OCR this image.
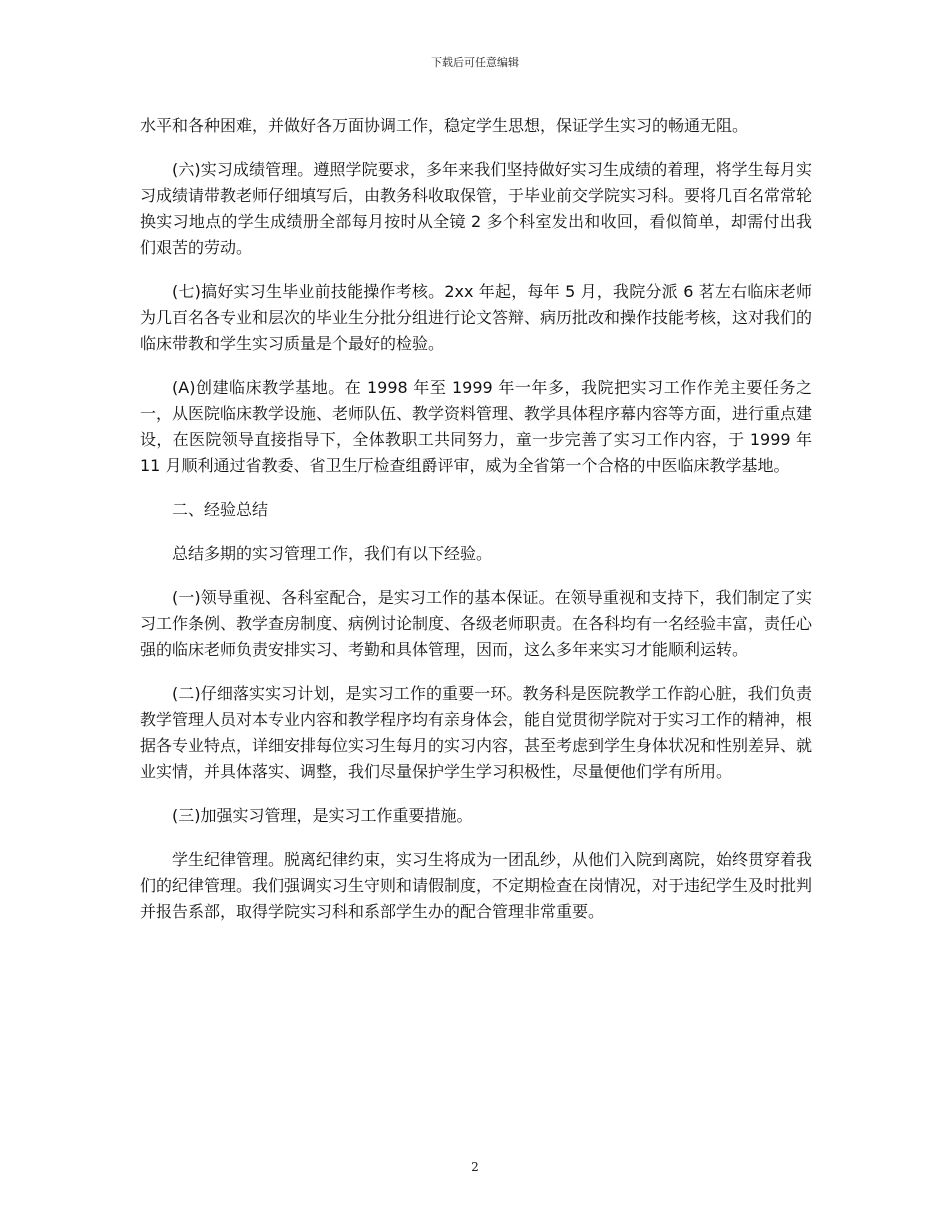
下载后可任意编辑

水平和各种困难，并做好各万面协调工作，稳定学生思想，保证学生实习的畅通无阻。

(六)实习成绩管理。遵照学院要求，多年来我们坚持做好实习生成绩的着理，将学生每月实习成绩请带教老师仔细填写后，由教务科收取保管，于毕业前交学院实习科。要将几百名常常轮换实习地点的学生成绩册全部每月按时从全镜 2 多个科室发出和收回，看似简单，却需付出我们艰苦的劳动。

(七)搞好实习生毕业前技能操作考核。2xx 年起，每年 5 月，我院分派 6 茗左右临床老师为几百名各专业和层次的毕业生分批分组进行论文答辩、病历批改和操作技能考核，这对我们的临床带教和学生实习质量是个最好的检验。

(A)创建临床教学基地。在 1998 年至 1999 年一年多，我院把实习工作作羌主要任务之一，从医院临床教学设施、老师队伍、教学资料管理、教学具体程序幕内容等方面，进行重点建设，在医院领导直接指导下，全体教职工共同努力，童一步完善了实习工作内容，于 1999 年 11 月顺利通过省教委、省卫生厅检查组爵评审，威为全省第一个合格的中医临床教学基地。

二、经验总结

总结多期的实习管理工作，我们有以下经验。

(一)领导重视、各科室配合，是实习工作的基本保证。在领导重视和支持下，我们制定了实习工作条例、教学查房制度、病例讨论制度、各级老师职责。在各科均有一名经验丰富，责任心强的临床老师负责安排实习、考勤和具体管理，因而，这么多年来实习才能顺利运转。

(二)仔细落实实习计划，是实习工作的重要一环。教务科是医院教学工作韵心脏，我们负责教学管理人员对本专业内容和教学程序均有亲身体会，能自觉贯彻学院对于实习工作的精神，根据各专业特点，详细安排每位实习生每月的实习内容，甚至考虑到学生身体状况和性别差异、就业实情，并具体落实、调整，我们尽量保护学生学习积极性，尽量便他们学有所用。

(三)加强实习管理，是实习工作重要措施。

学生纪律管理。脱离纪律约束，实习生将成为一团乱纱，从他们入院到离院，始终贯穿着我们的纪律管理。我们强调实习生守则和请假制度，不定期检查在岗情况，对于违纪学生及时批判并报告系部，取得学院实习科和系部学生办的配合管理非常重要。

2
